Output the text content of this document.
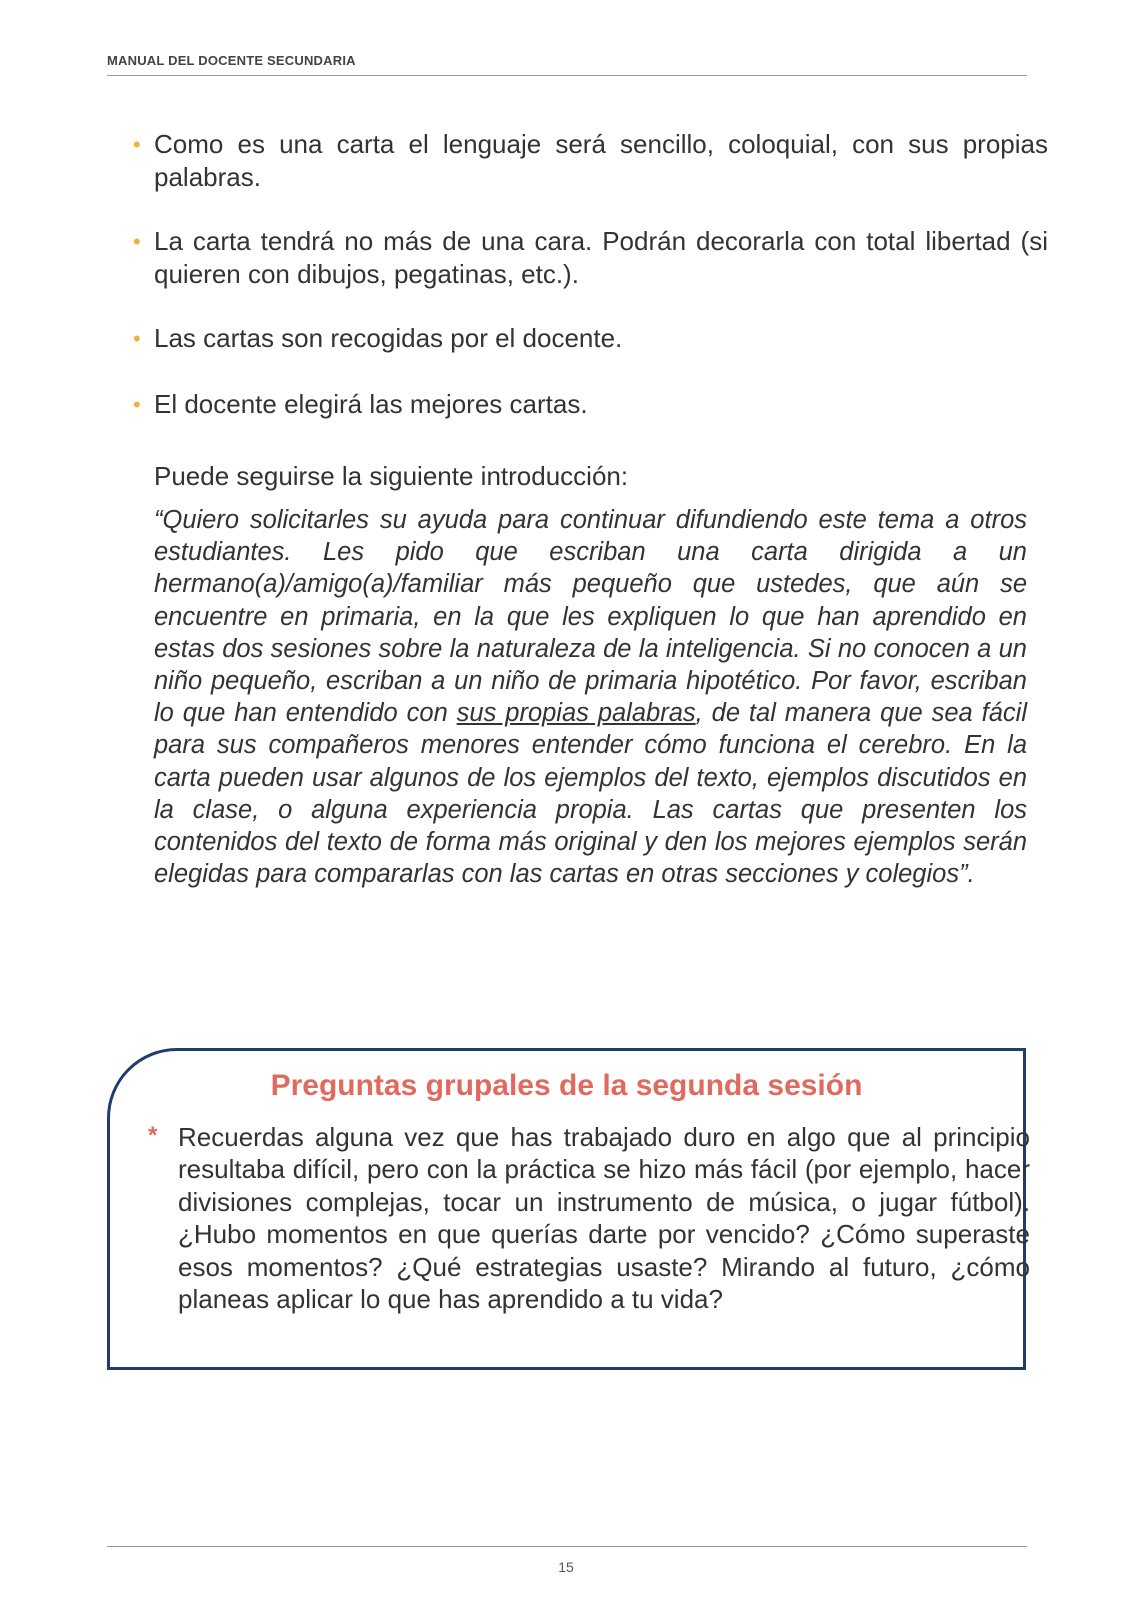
MANUAL DEL DOCENTE SECUNDARIA
• Como es una carta el lenguaje será sencillo, coloquial, con sus propias palabras.
• La carta tendrá no más de una cara. Podrán decorarla con total libertad (si quieren con dibujos, pegatinas, etc.).
• Las cartas son recogidas por el docente.
• El docente elegirá las mejores cartas.
Puede seguirse la siguiente introducción:
“Quiero solicitarles su ayuda para continuar difundiendo este tema a otros estudiantes. Les pido que escriban una carta dirigida a un hermano(a)/amigo(a)/familiar más pequeño que ustedes, que aún se encuentre en primaria, en la que les expliquen lo que han aprendido en estas dos sesiones sobre la naturaleza de la inteligencia. Si no conocen a un niño pequeño, escriban a un niño de primaria hipotético. Por favor, escriban lo que han entendido con sus propias palabras, de tal manera que sea fácil para sus compañeros menores entender cómo funciona el cerebro. En la carta pueden usar algunos de los ejemplos del texto, ejemplos discutidos en la clase, o alguna experiencia propia. Las cartas que presenten los contenidos del texto de forma más original y den los mejores ejemplos serán elegidas para compararlas con las cartas en otras secciones y colegios”.
Preguntas grupales de la segunda sesión
* Recuerdas alguna vez que has trabajado duro en algo que al principio resultaba difícil, pero con la práctica se hizo más fácil (por ejemplo, hacer divisiones complejas, tocar un instrumento de música, o jugar fútbol). ¿Hubo momentos en que querías darte por vencido? ¿Cómo superaste esos momentos? ¿Qué estrategias usaste? Mirando al futuro, ¿cómo planeas aplicar lo que has aprendido a tu vida?
15
